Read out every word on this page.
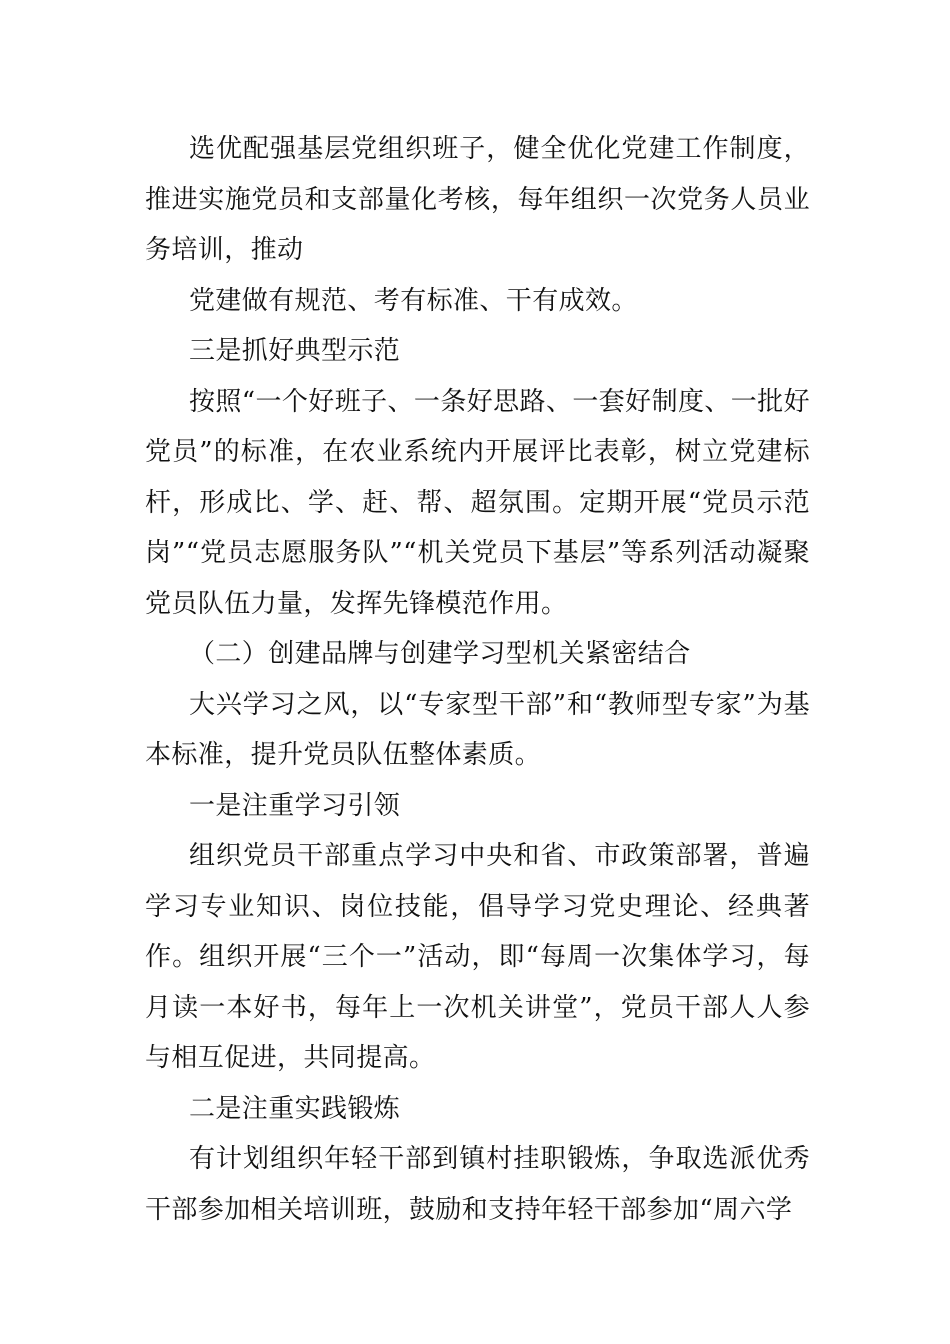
选优配强基层党组织班子，健全优化党建工作制度，推进实施党员和支部量化考核，每年组织一次党务人员业务培训，推动

党建做有规范、考有标准、干有成效。

三是抓好典型示范

按照“一个好班子、一条好思路、一套好制度、一批好党员”的标准，在农业系统内开展评比表彰，树立党建标杆，形成比、学、赶、帮、超氛围。定期开展“党员示范岗”“党员志愿服务队”“机关党员下基层”等系列活动凝聚党员队伍力量，发挥先锋模范作用。

（二）创建品牌与创建学习型机关紧密结合

大兴学习之风，以“专家型干部”和“教师型专家”为基本标准，提升党员队伍整体素质。

一是注重学习引领

组织党员干部重点学习中央和省、市政策部署，普遍学习专业知识、岗位技能，倡导学习党史理论、经典著作。组织开展“三个一”活动，即“每周一次集体学习，每月读一本好书，每年上一次机关讲堂”，党员干部人人参与相互促进，共同提高。

二是注重实践锻炼

有计划组织年轻干部到镇村挂职锻炼，争取选派优秀干部参加相关培训班，鼓励和支持年轻干部参加“周六学
